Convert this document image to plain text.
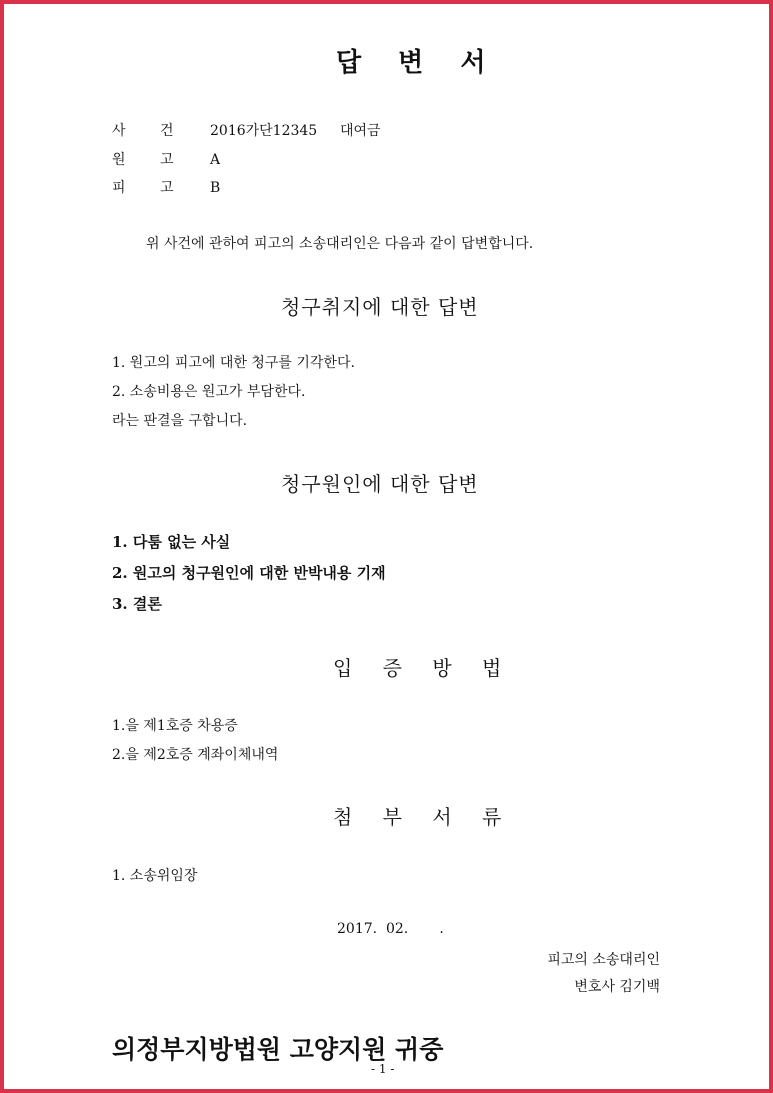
답 변 서
사 건	2016가단12345 대여금
원 고	A
피 고	B
위 사건에 관하여 피고의 소송대리인은 다음과 같이 답변합니다.
청구취지에 대한 답변
1. 원고의 피고에 대한 청구를 기각한다.
2. 소송비용은 원고가 부담한다.
라는 판결을 구합니다.
청구원인에 대한 답변
1. 다툼 없는 사실
2. 원고의 청구원인에 대한 반박내용 기재
3. 결론
입 증 방 법
1.을 제1호증 차용증
2.을 제2호증 계좌이체내역
첨 부 서 류
1. 소송위임장
2017.  02.       .
피고의 소송대리인
변호사 김기백
의정부지방법원 고양지원 귀중
- 1 -
